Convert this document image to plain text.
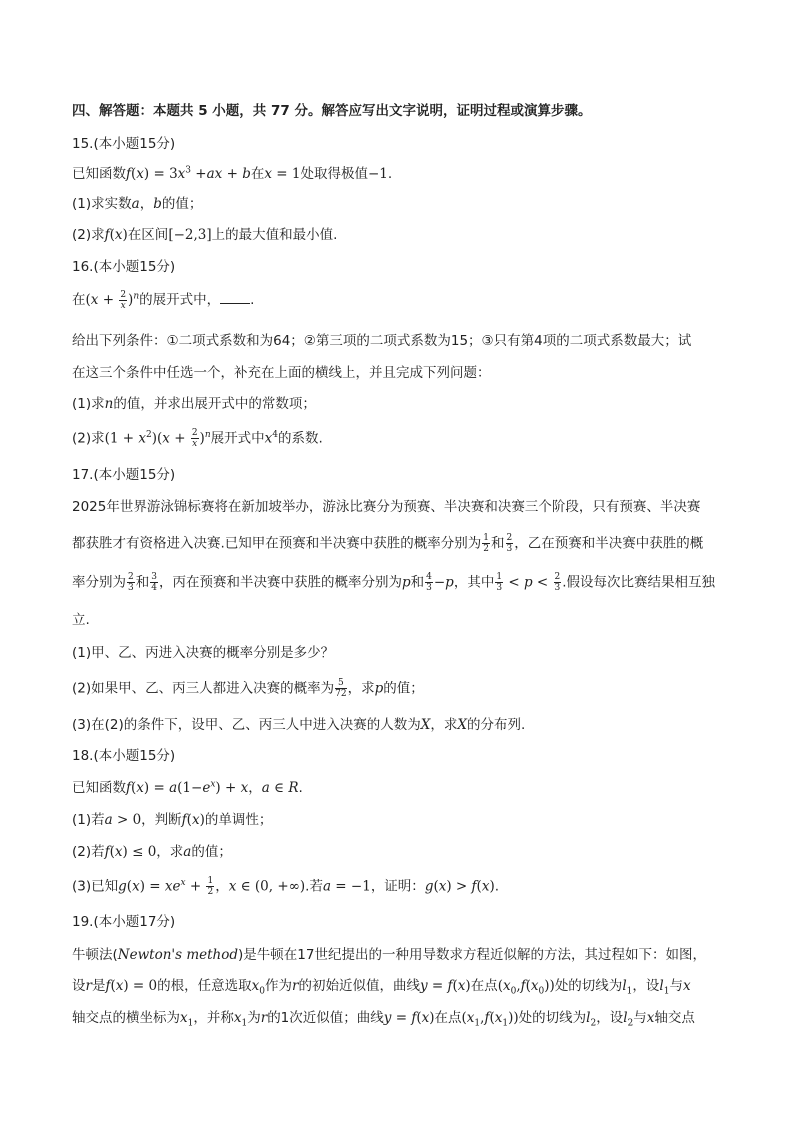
四、解答题：本题共 5 小题，共 77 分。解答应写出文字说明，证明过程或演算步骤。
15.(本小题15分)
已知函数$f(x) = 3x^3 +ax + b$在x = 1处取得极值−1.
(1)求实数a，b的值；
(2)求f(x)在区间[−2,3]上的最大值和最小值.
16.(本小题15分)
在$(x + \frac{2}{x} )^n$的展开式中， .
给出下列条件：①二项式系数和为64；②第三项的二项式系数为15；③只有第4项的二项式系数最大；试
在这三个条件中任选一个，补充在上面的横线上，并且完成下列问题：
(1)求n的值，并求出展开式中的常数项；
(2)求$(1 + x^2)(x + \frac{2}{x} )^n$展开式中$x^4$的系数.
17.(本小题15分)
2025年世界游泳锦标赛将在新加坡举办，游泳比赛分为预赛、半决赛和决赛三个阶段，只有预赛、半决赛
都获胜才有资格进入决赛.已知甲在预赛和半决赛中获胜的概率分别为 $\frac{1}{2}$ 和 $\frac{2}{3}$ ，乙在预赛和半决赛中获胜的概
率分别为 $\frac{2}{3}$ 和 $\frac{3}{4}$ ，丙在预赛和半决赛中获胜的概率分别为p和 $\frac{4}{3} -p$，其中 $\frac{1}{3} < p < \frac{2}{3}$ .假设每次比赛结果相互独
立.
(1)甲、乙、丙进入决赛的概率分别是多少？
(2)如果甲、乙、丙三人都进入决赛的概率为 $\frac{5}{72}$ ，求p的值；
(3)在(2)的条件下，设甲、乙、丙三人中进入决赛的人数为X，求X的分布列.
18.(本小题15分)
已知函数$f(x) = a(1-e^x) + x$，a ∈ R.
(1)若a > 0，判断f(x)的单调性；
(2)若f(x) ≤ 0，求a的值；
(3)已知$g(x) = xe^x + \frac{1}{2}$ ，x ∈ (0, +∞).若a = −1，证明：g(x) > f(x).
19.(本小题17分)
牛顿法(Newton's method)是牛顿在17世纪提出的一种用导数求方程近似解的方法，其过程如下：如图，
设r是f(x) = 0的根，任意选取$x_0$作为r的初始近似值，曲线y = f(x)在点$(x_0,f(x_0))$处的切线为$l_1$，设$l_1$与x
轴交点的横坐标为$x_1$，并称$x_1$为r的1次近似值；曲线y = f(x)在点$(x_1,f(x_1))$处的切线为$l_2$，设$l_2$与x轴交点
